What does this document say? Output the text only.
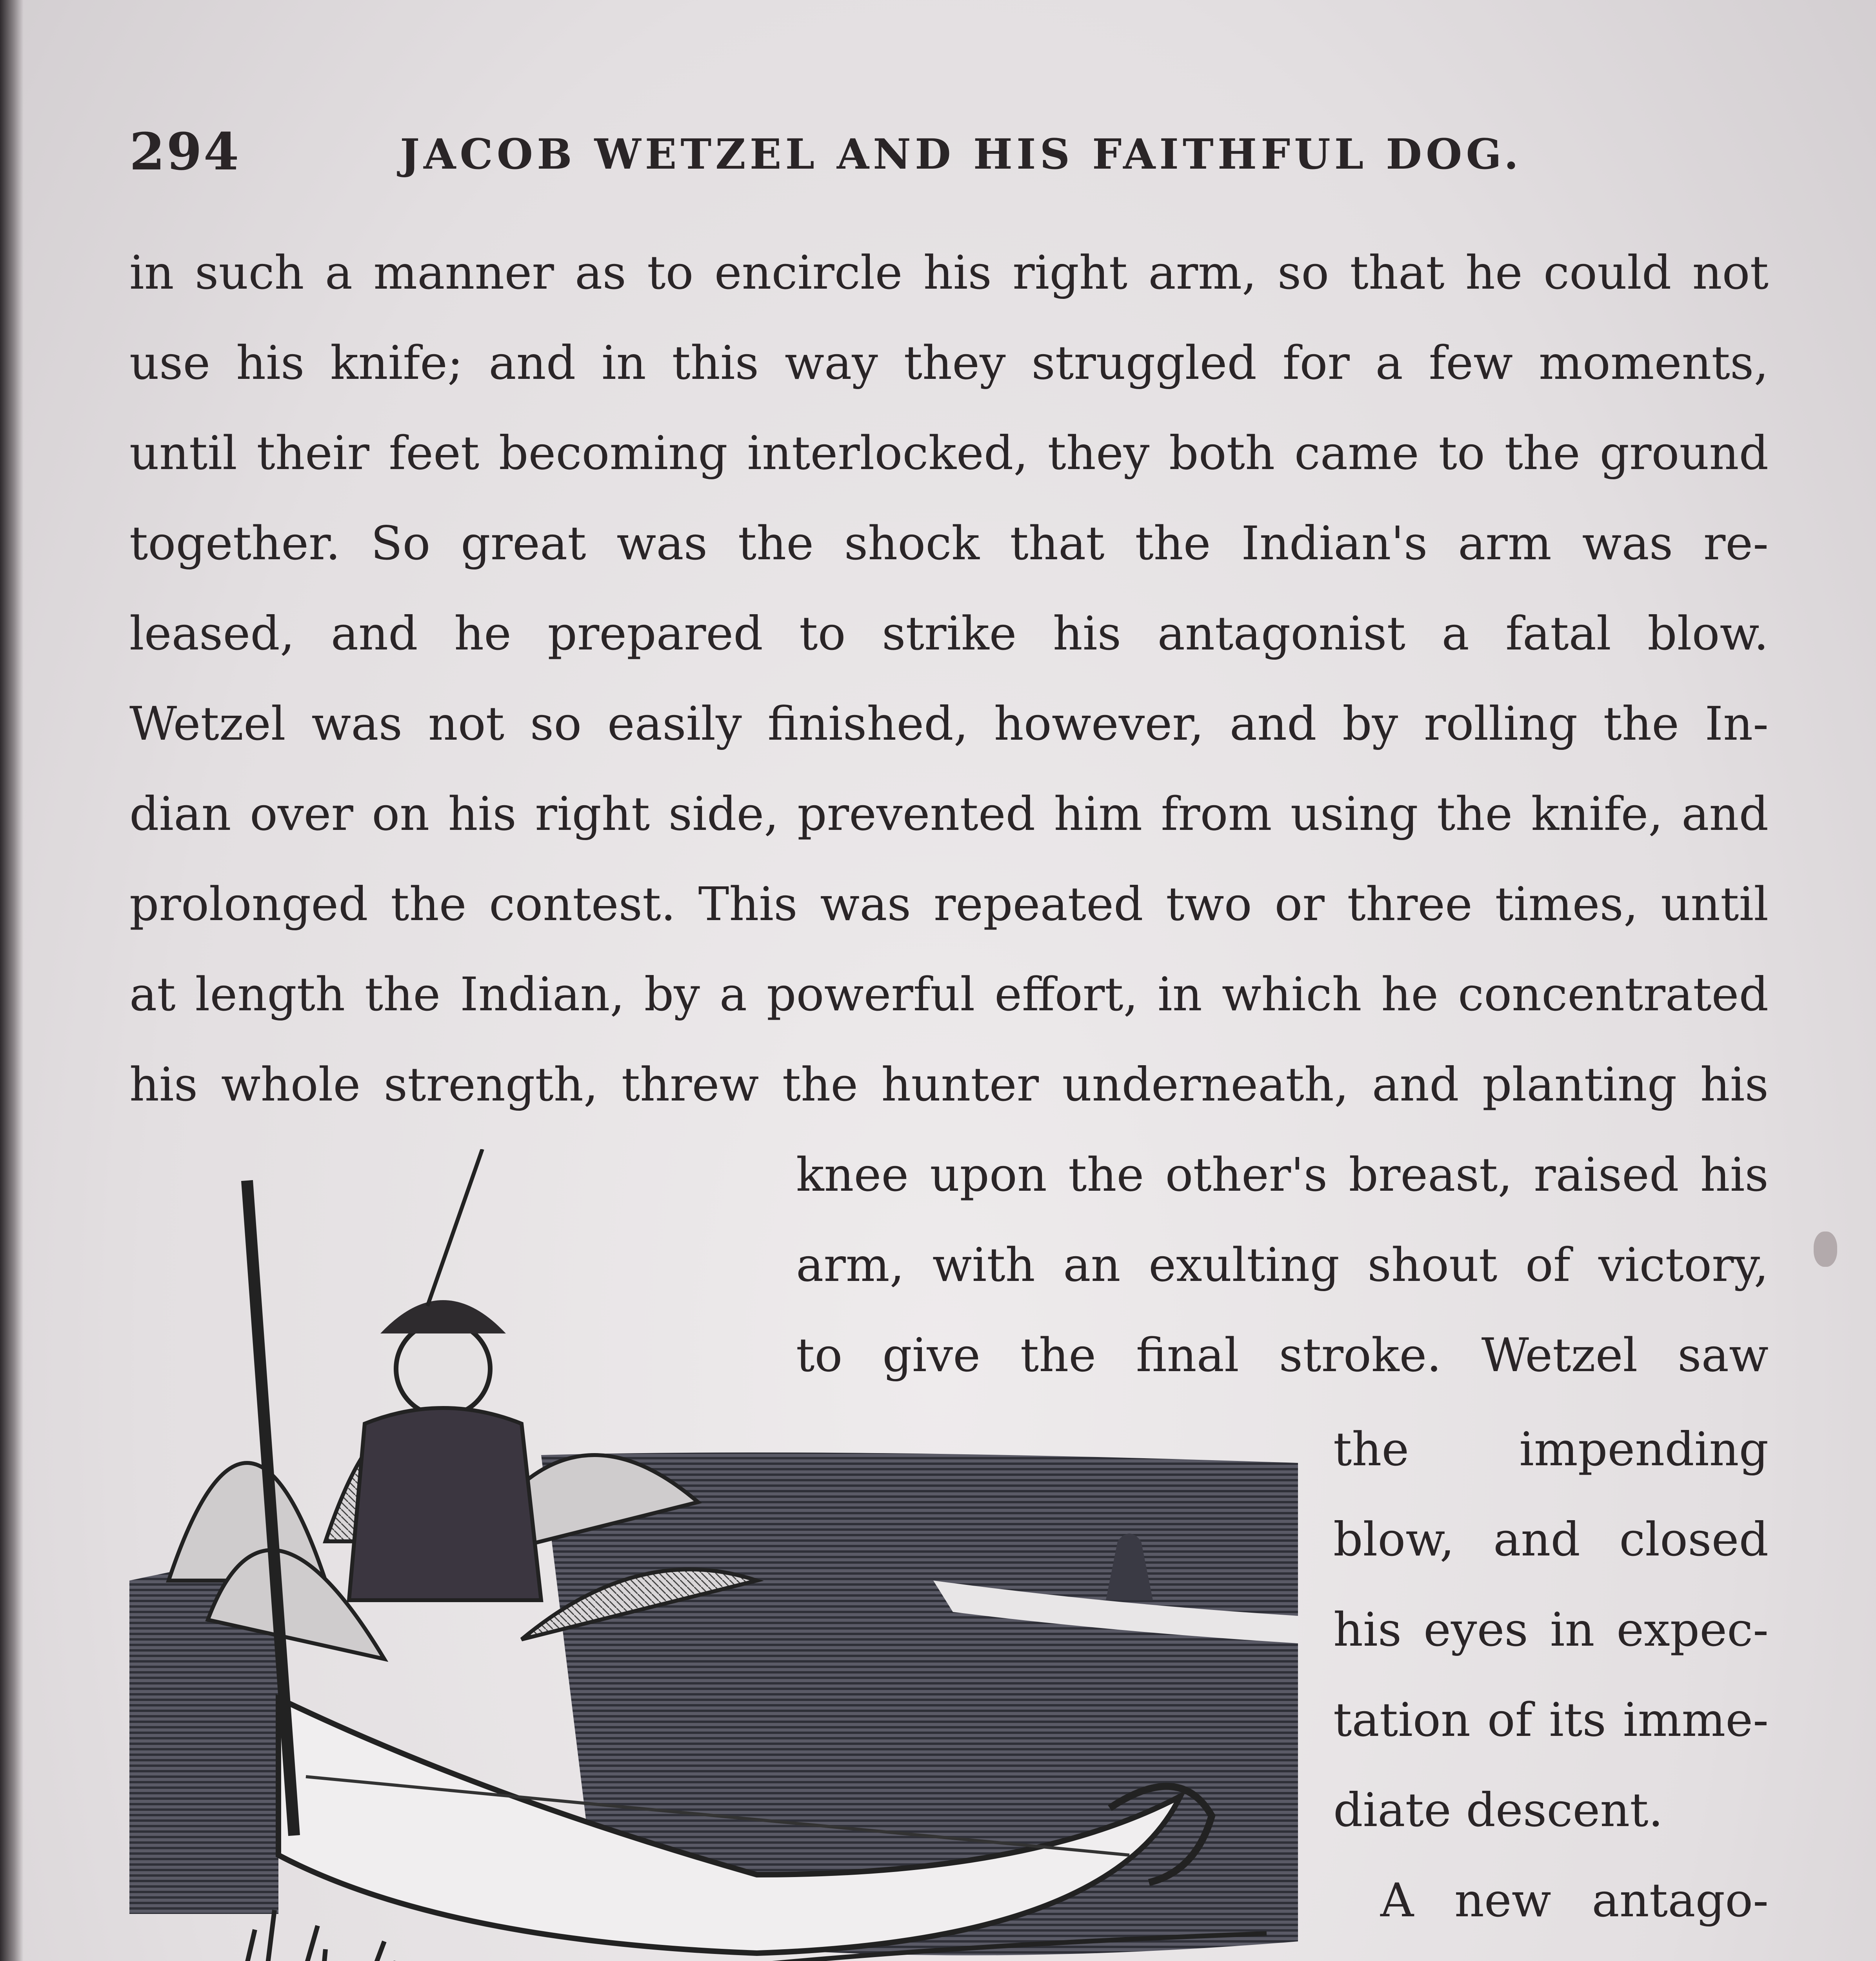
294	JACOB WETZEL AND HIS FAITHFUL DOG.
in such a manner as to encircle his right arm, so that he could not
use his knife; and in this way they struggled for a few moments,
until their feet becoming interlocked, they both came to the ground
together. So great was the shock that the Indian's arm was re-
leased, and he prepared to strike his antagonist a fatal blow.
Wetzel was not so easily finished, however, and by rolling the In-
dian over on his right side, prevented him from using the knife, and
prolonged the contest. This was repeated two or three times, until
at length the Indian, by a powerful effort, in which he concentrated
his whole strength, threw the hunter underneath, and planting his
knee upon the other's breast, raised his
arm, with an exulting shout of victory,
to give the final stroke. Wetzel saw
the impending
blow, and closed
his eyes in expec-
tation of its imme-
diate descent.
A new antago-
